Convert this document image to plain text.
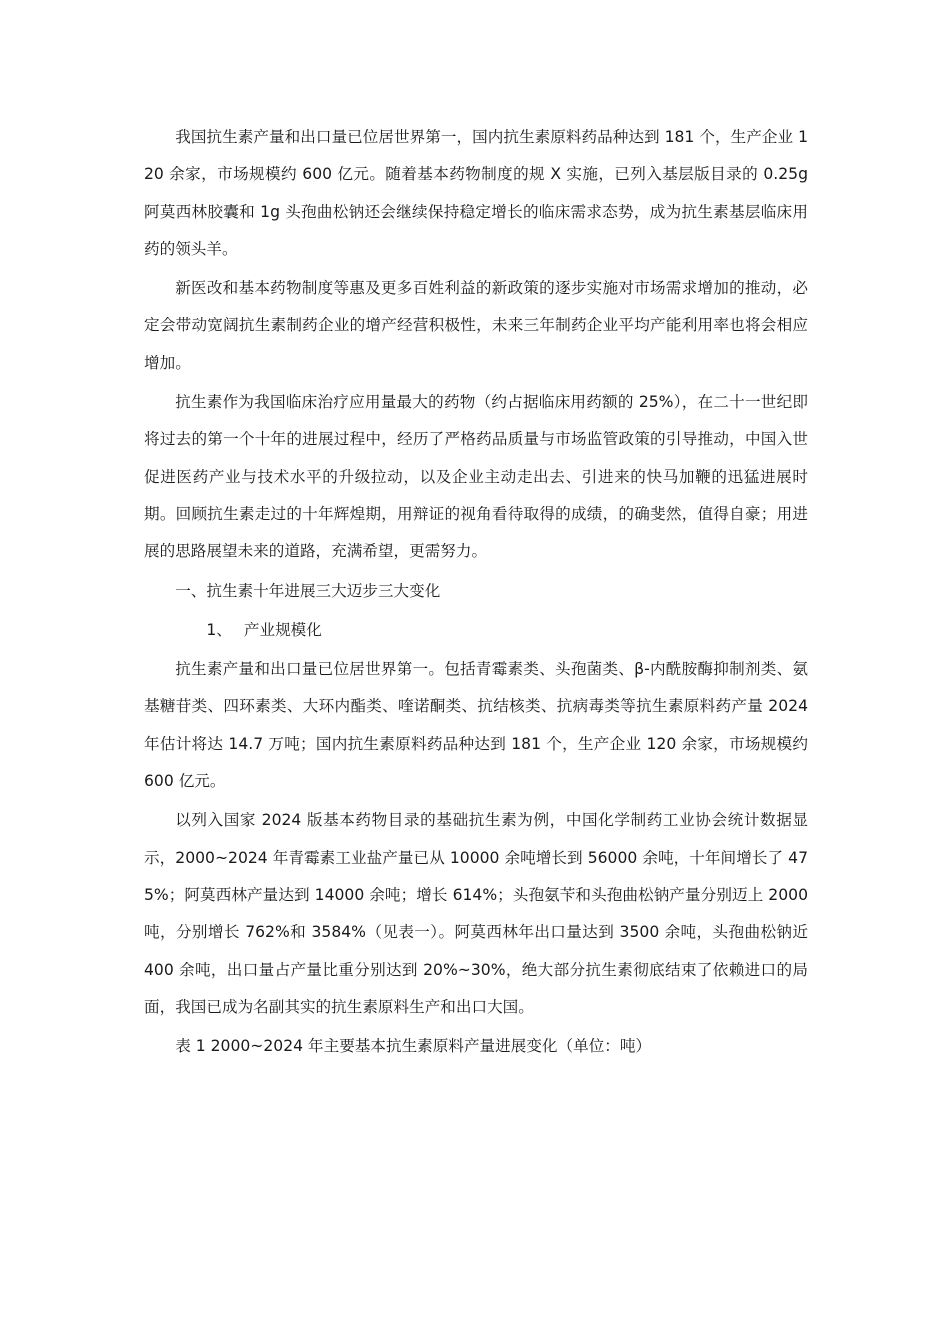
我国抗生素产量和出口量已位居世界第一，国内抗生素原料药品种达到 181 个，生产企业 120 余家，市场规模约 600 亿元。随着基本药物制度的规 X 实施，已列入基层版目录的 0.25g 阿莫西林胶囊和 1g 头孢曲松钠还会继续保持稳定增长的临床需求态势，成为抗生素基层临床用药的领头羊。

新医改和基本药物制度等惠及更多百姓利益的新政策的逐步实施对市场需求增加的推动，必定会带动宽阔抗生素制药企业的增产经营积极性，未来三年制药企业平均产能利用率也将会相应增加。

抗生素作为我国临床治疗应用量最大的药物（约占据临床用药额的 25%），在二十一世纪即将过去的第一个十年的进展过程中，经历了严格药品质量与市场监管政策的引导推动，中国入世促进医药产业与技术水平的升级拉动，以及企业主动走出去、引进来的快马加鞭的迅猛进展时期。回顾抗生素走过的十年辉煌期，用辩证的视角看待取得的成绩，的确斐然，值得自豪；用进展的思路展望未来的道路，充满希望，更需努力。

一、抗生素十年进展三大迈步三大变化

1、 产业规模化

抗生素产量和出口量已位居世界第一。包括青霉素类、头孢菌类、β-内酰胺酶抑制剂类、氨基糖苷类、四环素类、大环内酯类、喹诺酮类、抗结核类、抗病毒类等抗生素原料药产量 2024 年估计将达 14.7 万吨；国内抗生素原料药品种达到 181 个，生产企业 120 余家，市场规模约 600 亿元。

以列入国家 2024 版基本药物目录的基础抗生素为例，中国化学制药工业协会统计数据显示，2000~2024 年青霉素工业盐产量已从 10000 余吨增长到 56000 余吨，十年间增长了 475%；阿莫西林产量达到 14000 余吨；增长 614%；头孢氨苄和头孢曲松钠产量分别迈上 2000 吨，分别增长 762%和 3584%（见表一）。阿莫西林年出口量达到 3500 余吨，头孢曲松钠近 400 余吨，出口量占产量比重分别达到 20%~30%，绝大部分抗生素彻底结束了依赖进口的局面，我国已成为名副其实的抗生素原料生产和出口大国。

表 1 2000~2024 年主要基本抗生素原料产量进展变化（单位：吨）
